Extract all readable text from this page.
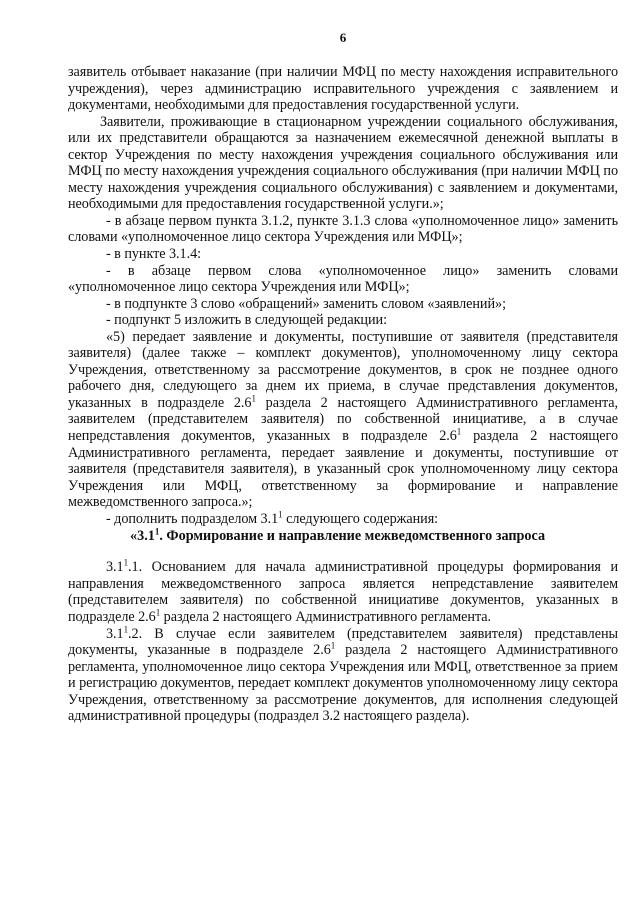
6

заявитель отбывает наказание (при наличии МФЦ по месту нахождения исправительного учреждения), через администрацию исправительного учреждения с заявлением и документами, необходимыми для предоставления государственной услуги.

Заявители, проживающие в стационарном учреждении социального обслуживания, или их представители обращаются за назначением ежемесячной денежной выплаты в сектор Учреждения по месту нахождения учреждения социального обслуживания или МФЦ по месту нахождения учреждения социального обслуживания (при наличии МФЦ по месту нахождения учреждения социального обслуживания) с заявлением и документами, необходимыми для предоставления государственной услуги.»;

- в абзаце первом пункта 3.1.2, пункте 3.1.3 слова «уполномоченное лицо» заменить словами «уполномоченное лицо сектора Учреждения или МФЦ»;

- в пункте 3.1.4:

- в абзаце первом слова «уполномоченное лицо» заменить словами «уполномоченное лицо сектора Учреждения или МФЦ»;

- в подпункте 3 слово «обращений» заменить словом «заявлений»;

- подпункт 5 изложить в следующей редакции:

«5) передает заявление и документы, поступившие от заявителя (представителя заявителя) (далее также – комплект документов), уполномоченному лицу сектора Учреждения, ответственному за рассмотрение документов, в срок не позднее одного рабочего дня, следующего за днем их приема, в случае представления документов, указанных в подразделе $2.6^1$ раздела 2 настоящего Административного регламента, заявителем (представителем заявителя) по собственной инициативе, а в случае непредставления документов, указанных в подразделе $2.6^1$ раздела 2 настоящего Административного регламента, передает заявление и документы, поступившие от заявителя (представителя заявителя), в указанный срок уполномоченному лицу сектора Учреждения или МФЦ, ответственному за формирование и направление межведомственного запроса.»;

- дополнить подразделом $3.1^1$ следующего содержания:

«$3.1^1$. Формирование и направление межведомственного запроса

$3.1^1.1$. Основанием для начала административной процедуры формирования и направления межведомственного запроса является непредставление заявителем (представителем заявителя) по собственной инициативе документов, указанных в подразделе $2.6^1$ раздела 2 настоящего Административного регламента.

$3.1^1.2$. В случае если заявителем (представителем заявителя) представлены документы, указанные в подразделе $2.6^1$ раздела 2 настоящего Административного регламента, уполномоченное лицо сектора Учреждения или МФЦ, ответственное за прием и регистрацию документов, передает комплект документов уполномоченному лицу сектора Учреждения, ответственному за рассмотрение документов, для исполнения следующей административной процедуры (подраздел 3.2 настоящего раздела).
